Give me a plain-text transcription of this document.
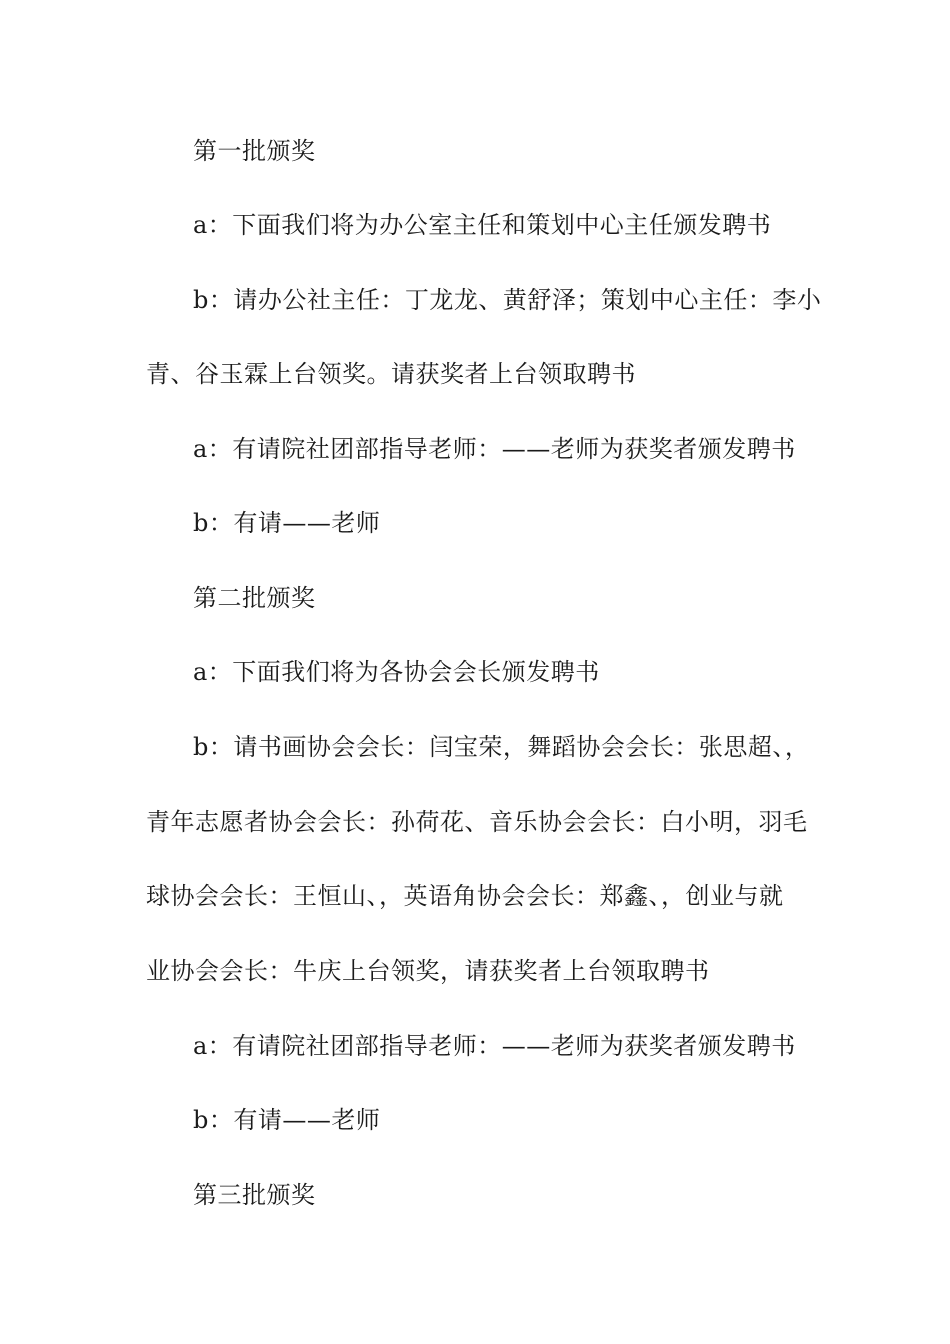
第一批颁奖
a：下面我们将为办公室主任和策划中心主任颁发聘书
b：请办公社主任：丁龙龙、黄舒泽；策划中心主任：李小
青、谷玉霖上台领奖。请获奖者上台领取聘书
a：有请院社团部指导老师：——老师为获奖者颁发聘书
b：有请——老师
第二批颁奖
a：下面我们将为各协会会长颁发聘书
b：请书画协会会长：闫宝荣，舞蹈协会会长：张思超、，
青年志愿者协会会长：孙荷花、音乐协会会长：白小明，羽毛
球协会会长：王恒山、，英语角协会会长：郑鑫、，创业与就
业协会会长：牛庆上台领奖，请获奖者上台领取聘书
a：有请院社团部指导老师：——老师为获奖者颁发聘书
b：有请——老师
第三批颁奖
